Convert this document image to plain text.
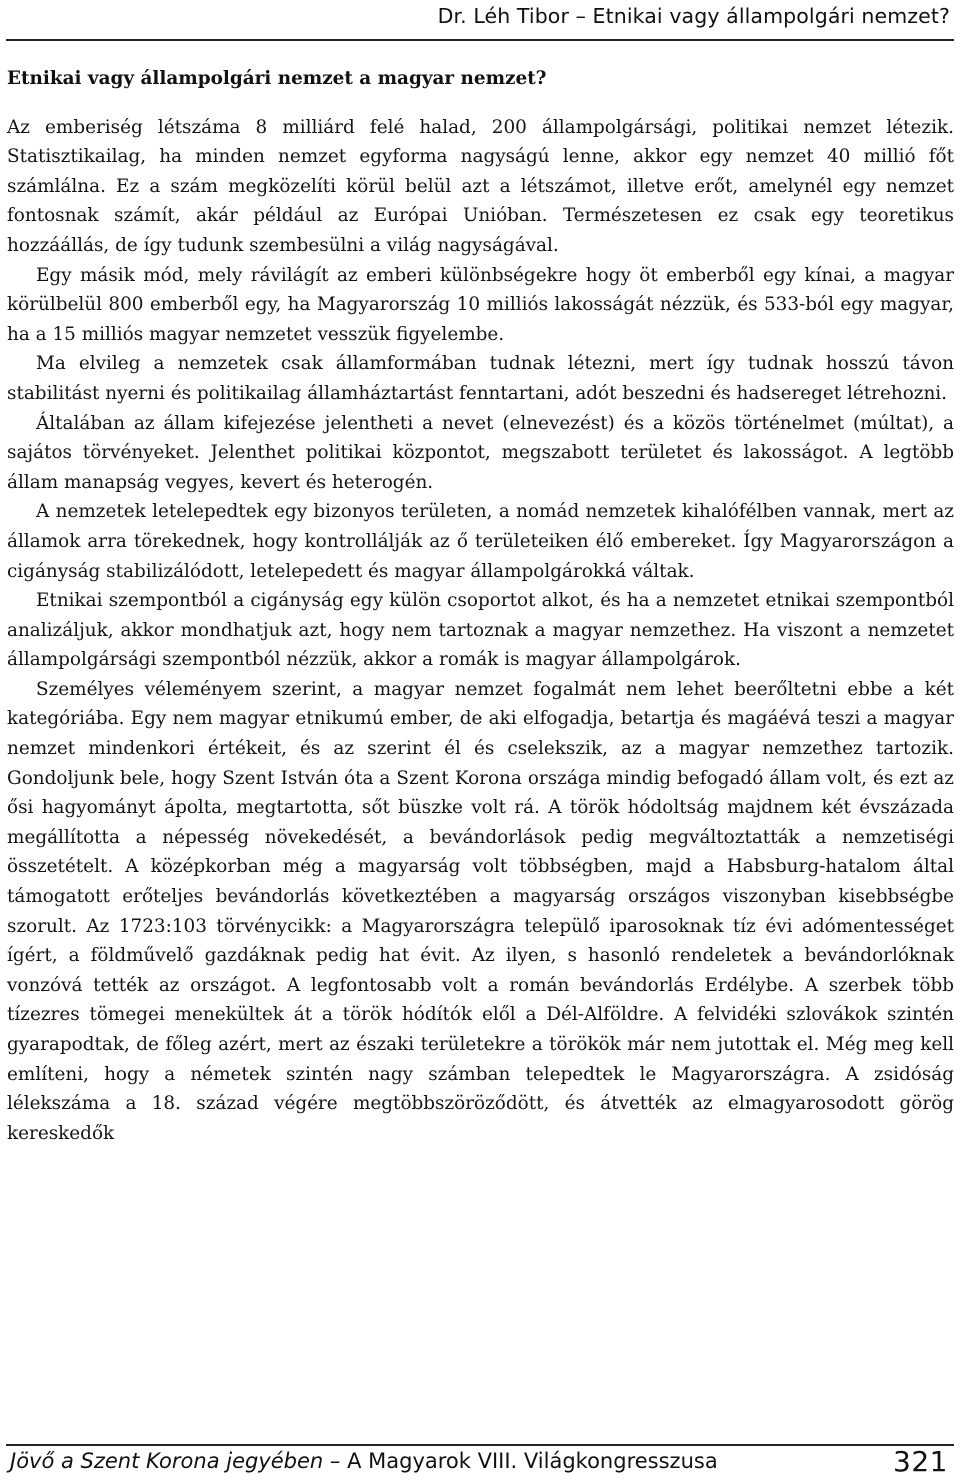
Dr. Léh Tibor – Etnikai vagy állampolgári nemzet?

Etnikai vagy állampolgári nemzet a magyar nemzet?

Az emberiség létszáma 8 milliárd felé halad, 200 állampolgársági, politikai nemzet létezik. Statisztikailag, ha minden nemzet egyforma nagyságú lenne, akkor egy nemzet 40 millió főt számlálna. Ez a szám megközelíti körül belül azt a létszámot, illetve erőt, amelynél egy nemzet fontosnak számít, akár például az Európai Unióban. Természetesen ez csak egy teoretikus hozzáállás, de így tudunk szembesülni a világ nagyságával.

Egy másik mód, mely rávilágít az emberi különbségekre hogy öt emberből egy kínai, a magyar körülbelül 800 emberből egy, ha Magyarország 10 milliós lakosságát nézzük, és 533-ból egy magyar, ha a 15 milliós magyar nemzetet vesszük figyelembe.

Ma elvileg a nemzetek csak államformában tudnak létezni, mert így tudnak hosszú távon stabilitást nyerni és politikailag államháztartást fenntartani, adót beszedni és hadsereget létrehozni.

Általában az állam kifejezése jelentheti a nevet (elnevezést) és a közös történelmet (múltat), a sajátos törvényeket. Jelenthet politikai központot, megszabott területet és lakosságot. A legtöbb állam manapság vegyes, kevert és heterogén.

A nemzetek letelepedtek egy bizonyos területen, a nomád nemzetek kihalófélben vannak, mert az államok arra törekednek, hogy kontrollálják az ő területeiken élő embereket. Így Magyarországon a cigányság stabilizálódott, letelepedett és magyar állampolgárokká váltak.

Etnikai szempontból a cigányság egy külön csoportot alkot, és ha a nemzetet etnikai szempontból analizáljuk, akkor mondhatjuk azt, hogy nem tartoznak a magyar nemzethez. Ha viszont a nemzetet állampolgársági szempontból nézzük, akkor a romák is magyar állampolgárok.

Személyes véleményem szerint, a magyar nemzet fogalmát nem lehet beerőltetni ebbe a két kategóriába. Egy nem magyar etnikumú ember, de aki elfogadja, betartja és magáévá teszi a magyar nemzet mindenkori értékeit, és az szerint él és cselekszik, az a magyar nemzethez tartozik. Gondoljunk bele, hogy Szent István óta a Szent Korona országa mindig befogadó állam volt, és ezt az ősi hagyományt ápolta, megtartotta, sőt büszke volt rá. A török hódoltság majdnem két évszázada megállította a népesség növekedését, a bevándorlások pedig megváltoztatták a nemzetiségi összetételt. A középkorban még a magyarság volt többségben, majd a Habsburg-hatalom által támogatott erőteljes bevándorlás következtében a magyarság országos viszonyban kisebbségbe szorult. Az 1723:103 törvénycikk: a Magyarországra települő iparosoknak tíz évi adómentességet ígért, a földművelő gazdáknak pedig hat évit. Az ilyen, s hasonló rendeletek a bevándorlóknak vonzóvá tették az országot. A legfontosabb volt a román bevándorlás Erdélybe. A szerbek több tízezres tömegei menekültek át a török hódítók elől a Dél-Alföldre. A felvidéki szlovákok szintén gyarapodtak, de főleg azért, mert az északi területekre a törökök már nem jutottak el. Még meg kell említeni, hogy a németek szintén nagy számban telepedtek le Magyarországra. A zsidóság lélekszáma a 18. század végére megtöbbszöröződött, és átvették az elmagyarosodott görög kereskedők

Jövő a Szent Korona jegyében – A Magyarok VIII. Világkongresszusa	321
